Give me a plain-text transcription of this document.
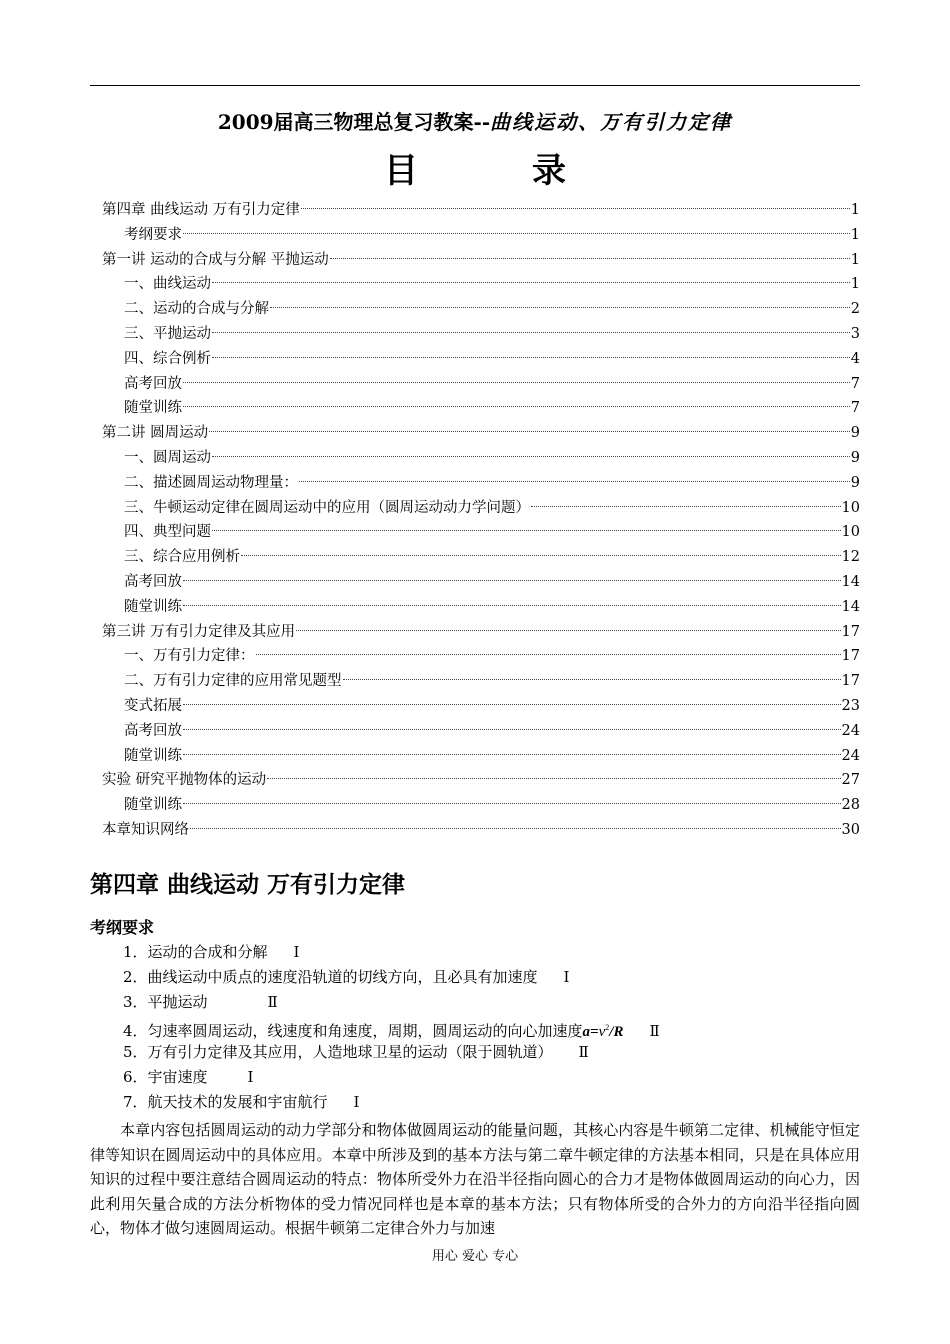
2009届高三物理总复习教案--曲线运动、万有引力定律
目　录
第四章 曲线运动 万有引力定律	1
考纲要求	1
第一讲 运动的合成与分解 平抛运动	1
一、曲线运动	1
二、运动的合成与分解	2
三、平抛运动	3
四、综合例析	4
高考回放	7
随堂训练	7
第二讲 圆周运动	9
一、圆周运动	9
二、描述圆周运动物理量：	9
三、牛顿运动定律在圆周运动中的应用（圆周运动动力学问题）	10
四、典型问题	10
三、综合应用例析	12
高考回放	14
随堂训练	14
第三讲 万有引力定律及其应用	17
一、万有引力定律：	17
二、万有引力定律的应用常见题型	17
变式拓展	23
高考回放	24
随堂训练	24
实验 研究平抛物体的运动	27
随堂训练	28
本章知识网络	30
第四章 曲线运动 万有引力定律
考纲要求
1．运动的合成和分解 Ⅰ
2．曲线运动中质点的速度沿轨道的切线方向，且必具有加速度 Ⅰ
3．平抛运动	Ⅱ
4．匀速率圆周运动，线速度和角速度，周期，圆周运动的向心加速度$a=v^2/R$ Ⅱ
5．万有引力定律及其应用，人造地球卫星的运动（限于圆轨道） Ⅱ
6．宇宙速度	Ⅰ
7．航天技术的发展和宇宙航行 Ⅰ
本章内容包括圆周运动的动力学部分和物体做圆周运动的能量问题，其核心内容是牛顿第二定律、机械能守恒定律等知识在圆周运动中的具体应用。本章中所涉及到的基本方法与第二章牛顿定律的方法基本相同，只是在具体应用知识的过程中要注意结合圆周运动的特点：物体所受外力在沿半径指向圆心的合力才是物体做圆周运动的向心力，因此利用矢量合成的方法分析物体的受力情况同样也是本章的基本方法；只有物体所受的合外力的方向沿半径指向圆心，物体才做匀速圆周运动。根据牛顿第二定律合外力与加速
用心 爱心 专心
